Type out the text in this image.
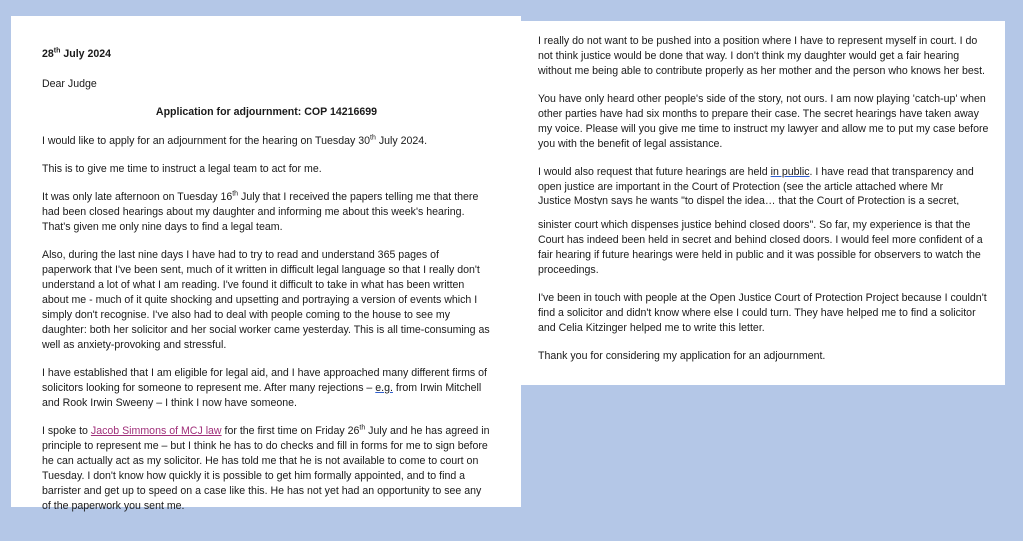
28th July 2024

Dear Judge

Application for adjournment: COP 14216699

I would like to apply for an adjournment for the hearing on Tuesday 30th July 2024.

This is to give me time to instruct a legal team to act for me.

It was only late afternoon on Tuesday 16th July that I received the papers telling me that there had been closed hearings about my daughter and informing me about this week's hearing. That's given me only nine days to find a legal team.

Also, during the last nine days I have had to try to read and understand 365 pages of paperwork that I've been sent, much of it written in difficult legal language so that I really don't understand a lot of what I am reading. I've found it difficult to take in what has been written about me - much of it quite shocking and upsetting and portraying a version of events which I simply don't recognise. I've also had to deal with people coming to the house to see my daughter: both her solicitor and her social worker came yesterday. This is all time-consuming as well as anxiety-provoking and stressful.

I have established that I am eligible for legal aid, and I have approached many different firms of solicitors looking for someone to represent me. After many rejections – e.g. from Irwin Mitchell and Rook Irwin Sweeny – I think I now have someone.

I spoke to Jacob Simmons of MCJ law for the first time on Friday 26th July and he has agreed in principle to represent me – but I think he has to do checks and fill in forms for me to sign before he can actually act as my solicitor. He has told me that he is not available to come to court on Tuesday. I don't know how quickly it is possible to get him formally appointed, and to find a barrister and get up to speed on a case like this. He has not yet had an opportunity to see any of the paperwork you sent me.

I really do not want to be pushed into a position where I have to represent myself in court. I do not think justice would be done that way. I don't think my daughter would get a fair hearing without me being able to contribute properly as her mother and the person who knows her best.

You have only heard other people's side of the story, not ours. I am now playing 'catch-up' when other parties have had six months to prepare their case. The secret hearings have taken away my voice. Please will you give me time to instruct my lawyer and allow me to put my case before you with the benefit of legal assistance.

I would also request that future hearings are held in public. I have read that transparency and open justice are important in the Court of Protection (see the article attached where Mr

Justice Mostyn says he wants "to dispel the idea… that the Court of Protection is a secret,

sinister court which dispenses justice behind closed doors". So far, my experience is that the Court has indeed been held in secret and behind closed doors. I would feel more confident of a fair hearing if future hearings were held in public and it was possible for observers to watch the proceedings.

I've been in touch with people at the Open Justice Court of Protection Project because I couldn't find a solicitor and didn't know where else I could turn. They have helped me to find a solicitor and Celia Kitzinger helped me to write this letter.

Thank you for considering my application for an adjournment.
